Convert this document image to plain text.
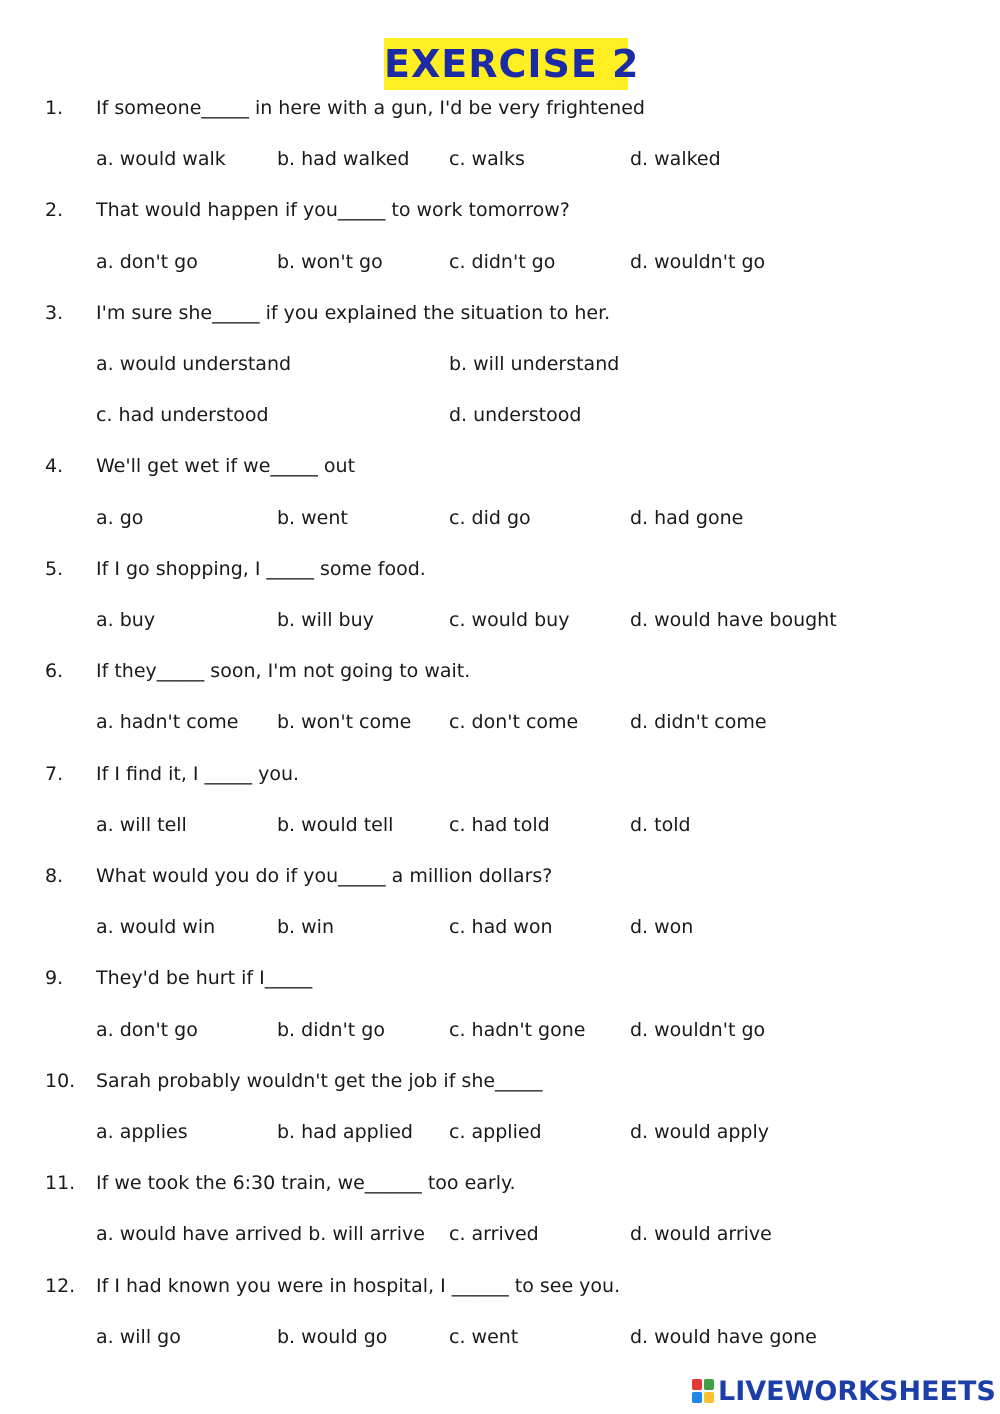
EXERCISE 2
1. If someone_____ in here with a gun, I'd be very frightened
a. would walk	b. had walked c. walks	d. walked
2. That would happen if you_____ to work tomorrow?
a. don't go	b. won't go	c. didn't go	d. wouldn't go
3. I'm sure she_____ if you explained the situation to her.
a. would understand	b. will understand
c. had understood	d. understood
4. We'll get wet if we_____ out
a. go	b. went	c. did go	d. had gone
5. If I go shopping, I _____ some food.
a. buy	b. will buy	c. would buy	d. would have bought
6. If they_____ soon, I'm not going to wait.
a. hadn't come b. won't come c. don't come	d. didn't come
7. If I find it, I _____ you.
a. will tell	b. would tell	c. had told	d. told
8. What would you do if you_____ a million dollars?
a. would win	b. win	c. had won	d. won
9. They'd be hurt if I_____
a. don't go	b. didn't go	c. hadn't gone d. wouldn't go
10. Sarah probably wouldn't get the job if she_____
a. applies	b. had applied c. applied	d. would apply
11. If we took the 6:30 train, we______ too early.
a. would have arrived b. will arrive c. arrived	d. would arrive
12. If I had known you were in hospital, I ______ to see you.
a. will go	b. would go	c. went	d. would have gone
LIVEWORKSHEETS
